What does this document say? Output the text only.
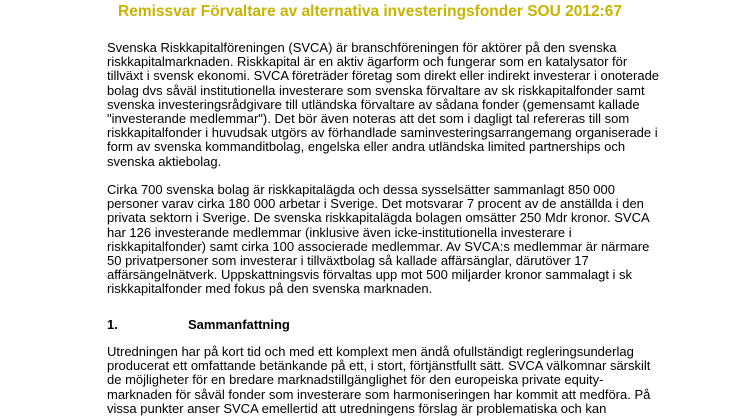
Remissvar Förvaltare av alternativa investeringsfonder SOU 2012:67
Svenska Riskkapitalföreningen (SVCA) är branschföreningen för aktörer på den svenska
riskkapitalmarknaden. Riskkapital är en aktiv ägarform och fungerar som en katalysator för
tillväxt i svensk ekonomi. SVCA företräder företag som direkt eller indirekt investerar i onoterade
bolag dvs såväl institutionella investerare som svenska förvaltare av sk riskkapitalfonder samt
svenska investeringsrådgivare till utländska förvaltare av sådana fonder (gemensamt kallade
"investerande medlemmar"). Det bör även noteras att det som i dagligt tal refereras till som
riskkapitalfonder i huvudsak utgörs av förhandlade saminvesteringsarrangemang organiserade i
form av svenska kommanditbolag, engelska eller andra utländska limited partnerships och
svenska aktiebolag.
Cirka 700 svenska bolag är riskkapitalägda och dessa sysselsätter sammanlagt 850 000
personer varav cirka 180 000 arbetar i Sverige. Det motsvarar 7 procent av de anställda i den
privata sektorn i Sverige. De svenska riskkapitalägda bolagen omsätter 250 Mdr kronor. SVCA
har 126 investerande medlemmar (inklusive även icke-institutionella investerare i
riskkapitalfonder) samt cirka 100 associerade medlemmar. Av SVCA:s medlemmar är närmare
50 privatpersoner som investerar i tillväxtbolag så kallade affärsänglar, därutöver 17
affärsängelnätverk. Uppskattningsvis förvaltas upp mot 500 miljarder kronor sammalagt i sk
riskkapitalfonder med fokus på den svenska marknaden.
1.	Sammanfattning
Utredningen har på kort tid och med ett komplext men ändå ofullständigt regleringsunderlag
producerat ett omfattande betänkande på ett, i stort, förtjänstfullt sätt. SVCA välkomnar särskilt
de möjligheter för en bredare marknadstillgänglighet för den europeiska private equity-
marknaden för såväl fonder som investerare som harmoniseringen har kommit att medföra. På
vissa punkter anser SVCA emellertid att utredningens förslag är problematiska och kan
